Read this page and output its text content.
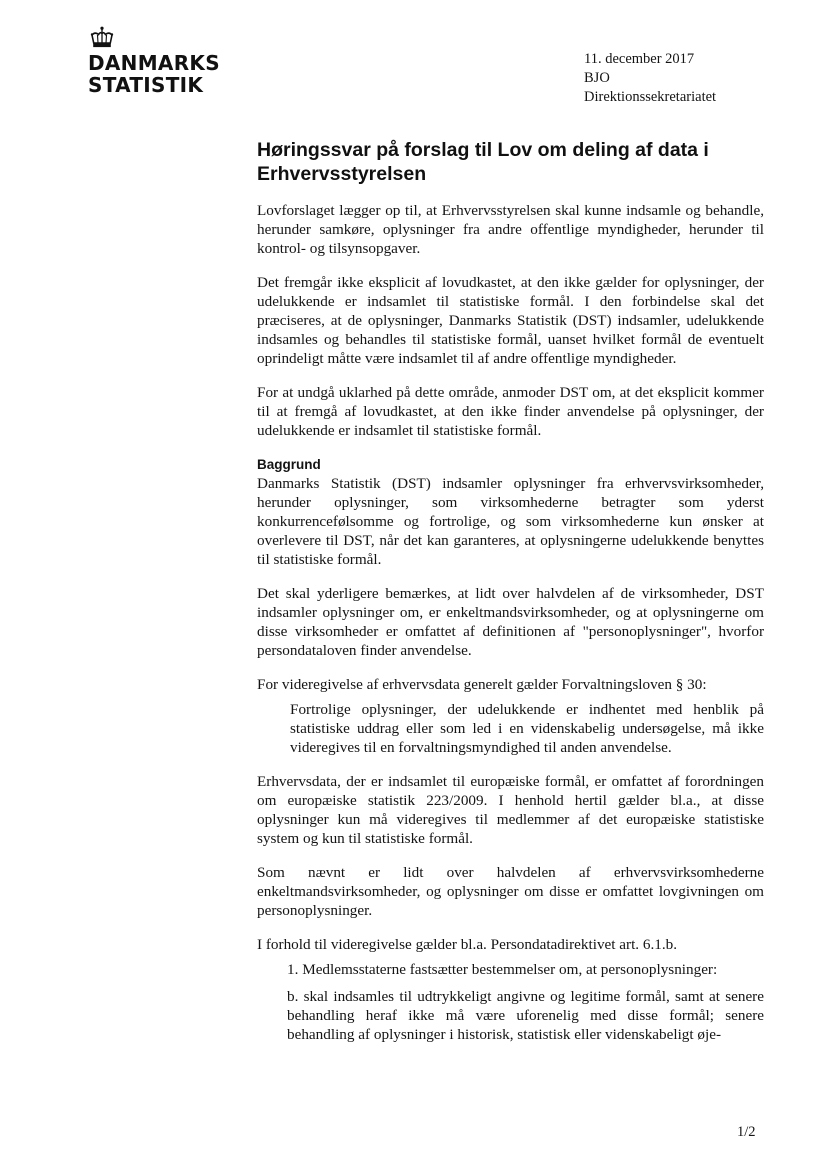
DANMARKS
STATISTIK
11. december 2017
BJO
Direktionssekretariatet
Høringssvar på forslag til Lov om deling af data i Erhvervsstyrelsen

Lovforslaget lægger op til, at Erhvervsstyrelsen skal kunne indsamle og behandle, herunder samkøre, oplysninger fra andre offentlige myndigheder, herunder til kontrol- og tilsynsopgaver.

Det fremgår ikke eksplicit af lovudkastet, at den ikke gælder for oplysninger, der udelukkende er indsamlet til statistiske formål. I den forbindelse skal det præciseres, at de oplysninger, Danmarks Statistik (DST) indsamler, udelukkende indsamles og behandles til statistiske formål, uanset hvilket formål de eventuelt oprindeligt måtte være indsamlet til af andre offentlige myndigheder.

For at undgå uklarhed på dette område, anmoder DST om, at det eksplicit kommer til at fremgå af lovudkastet, at den ikke finder anvendelse på oplysninger, der udelukkende er indsamlet til statistiske formål.

Baggrund

Danmarks Statistik (DST) indsamler oplysninger fra erhvervsvirksomheder, herunder oplysninger, som virksomhederne betragter som yderst konkurrencefølsomme og fortrolige, og som virksomhederne kun ønsker at overlevere til DST, når det kan garanteres, at oplysningerne udelukkende benyttes til statistiske formål.

Det skal yderligere bemærkes, at lidt over halvdelen af de virksomheder, DST indsamler oplysninger om, er enkeltmandsvirksomheder, og at oplysningerne om disse virksomheder er omfattet af definitionen af "personoplysninger", hvorfor persondataloven finder anvendelse.

For videregivelse af erhvervsdata generelt gælder Forvaltningsloven § 30:

Fortrolige oplysninger, der udelukkende er indhentet med henblik på statistiske uddrag eller som led i en videnskabelig undersøgelse, må ikke videregives til en forvaltningsmyndighed til anden anvendelse.

Erhvervsdata, der er indsamlet til europæiske formål, er omfattet af forordningen om europæiske statistik 223/2009. I henhold hertil gælder bl.a., at disse oplysninger kun må videregives til medlemmer af det europæiske statistiske system og kun til statistiske formål.

Som nævnt er lidt over halvdelen af erhvervsvirksomhederne enkeltmandsvirksomheder, og oplysninger om disse er omfattet lovgivningen om personoplysninger.

I forhold til videregivelse gælder bl.a. Persondatadirektivet art. 6.1.b.

1. Medlemsstaterne fastsætter bestemmelser om, at personoplysninger:

b. skal indsamles til udtrykkeligt angivne og legitime formål, samt at senere behandling heraf ikke må være uforenelig med disse formål; senere behandling af oplysninger i historisk, statistisk eller videnskabeligt øje-

1/2
